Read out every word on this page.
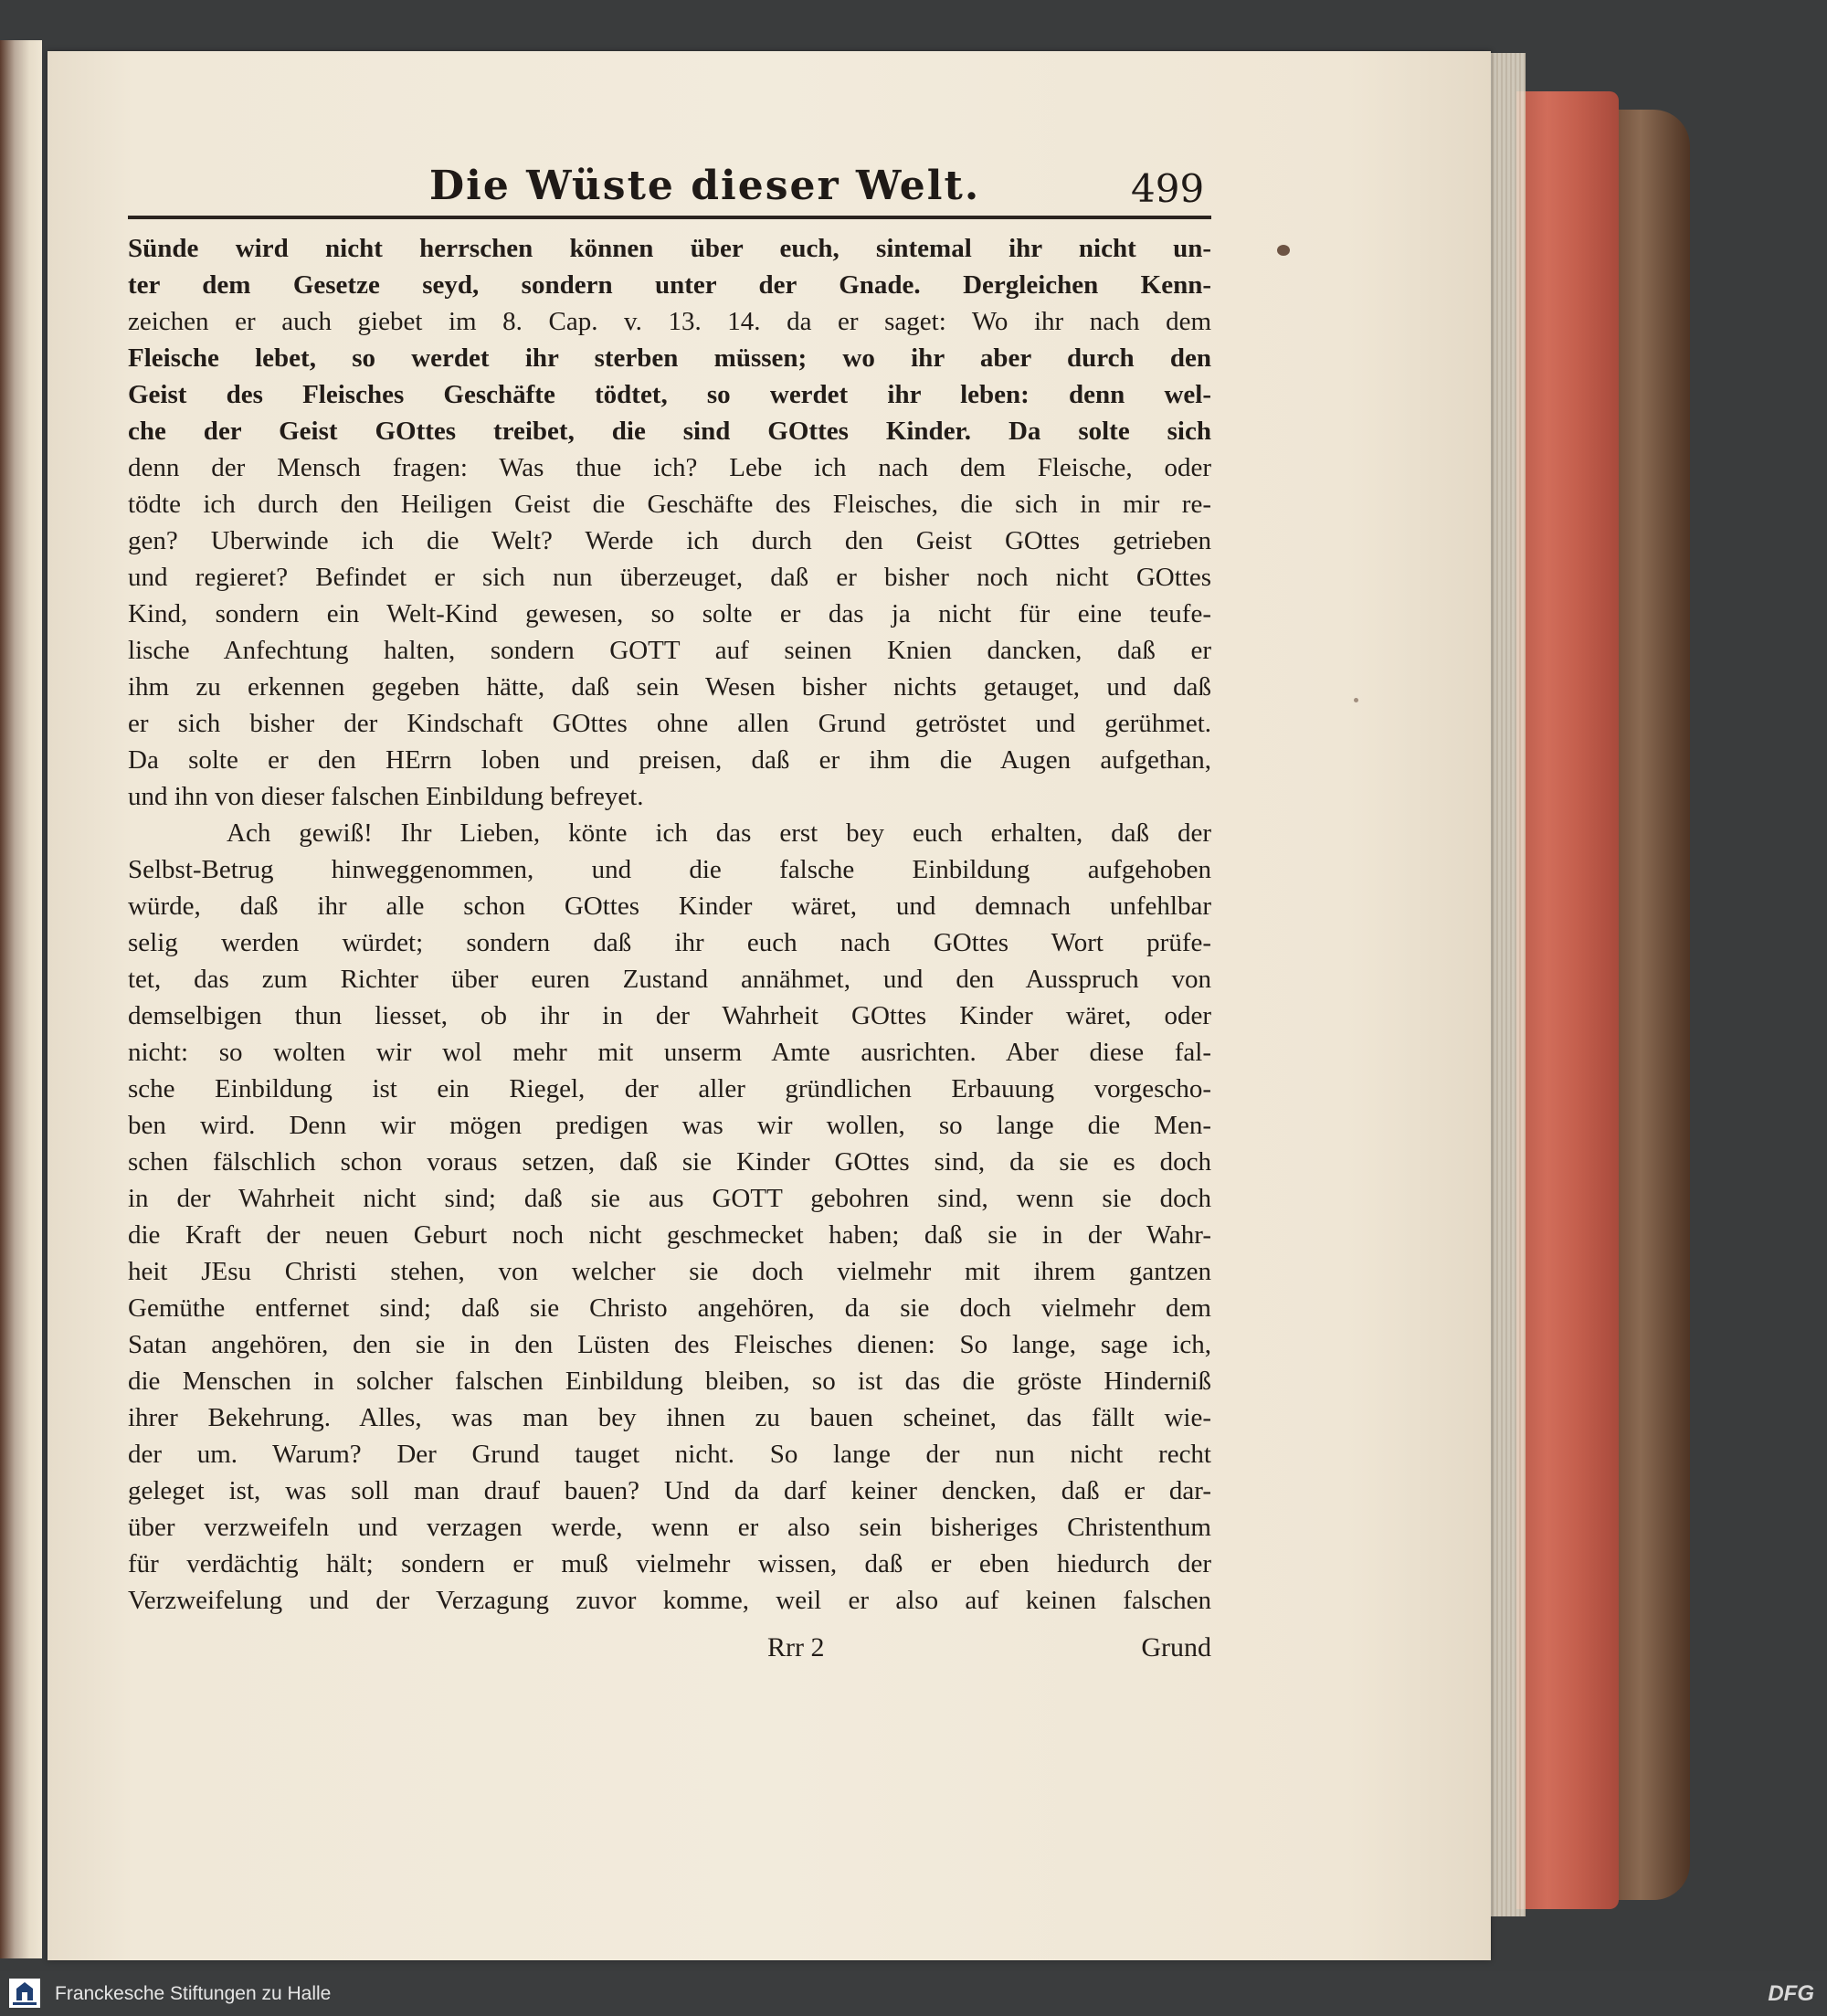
Die Wüste dieser Welt.	499
Sünde wird nicht herrschen können über euch, sintemal ihr nicht un-
ter dem Gesetze seyd, sondern unter der Gnade. Dergleichen Kenn-
zeichen er auch giebet im 8. Cap. v. 13. 14. da er saget: Wo ihr nach dem
Fleische lebet, so werdet ihr sterben müssen; wo ihr aber durch den
Geist des Fleisches Geschäfte tödtet, so werdet ihr leben: denn wel-
che der Geist GOttes treibet, die sind GOttes Kinder. Da solte sich
denn der Mensch fragen: Was thue ich? Lebe ich nach dem Fleische, oder
tödte ich durch den Heiligen Geist die Geschäfte des Fleisches, die sich in mir re-
gen? Uberwinde ich die Welt? Werde ich durch den Geist GOttes getrieben
und regieret? Befindet er sich nun überzeuget, daß er bisher noch nicht GOttes
Kind, sondern ein Welt-Kind gewesen, so solte er das ja nicht für eine teufe-
lische Anfechtung halten, sondern GOTT auf seinen Knien dancken, daß er
ihm zu erkennen gegeben hätte, daß sein Wesen bisher nichts getauget, und daß
er sich bisher der Kindschaft GOttes ohne allen Grund getröstet und gerühmet.
Da solte er den HErrn loben und preisen, daß er ihm die Augen aufgethan,
und ihn von dieser falschen Einbildung befreyet.
Ach gewiß! Ihr Lieben, könte ich das erst bey euch erhalten, daß der
Selbst-Betrug hinweggenommen, und die falsche Einbildung aufgehoben
würde, daß ihr alle schon GOttes Kinder wäret, und demnach unfehlbar
selig werden würdet; sondern daß ihr euch nach GOttes Wort prüfe-
tet, das zum Richter über euren Zustand annähmet, und den Ausspruch von
demselbigen thun liesset, ob ihr in der Wahrheit GOttes Kinder wäret, oder
nicht: so wolten wir wol mehr mit unserm Amte ausrichten. Aber diese fal-
sche Einbildung ist ein Riegel, der aller gründlichen Erbauung vorgescho-
ben wird. Denn wir mögen predigen was wir wollen, so lange die Men-
schen fälschlich schon voraus setzen, daß sie Kinder GOttes sind, da sie es doch
in der Wahrheit nicht sind; daß sie aus GOTT gebohren sind, wenn sie doch
die Kraft der neuen Geburt noch nicht geschmecket haben; daß sie in der Wahr-
heit JEsu Christi stehen, von welcher sie doch vielmehr mit ihrem gantzen
Gemüthe entfernet sind; daß sie Christo angehören, da sie doch vielmehr dem
Satan angehören, den sie in den Lüsten des Fleisches dienen: So lange, sage ich,
die Menschen in solcher falschen Einbildung bleiben, so ist das die gröste Hinderniß
ihrer Bekehrung. Alles, was man bey ihnen zu bauen scheinet, das fällt wie-
der um. Warum? Der Grund tauget nicht. So lange der nun nicht recht
geleget ist, was soll man drauf bauen? Und da darf keiner dencken, daß er dar-
über verzweifeln und verzagen werde, wenn er also sein bisheriges Christenthum
für verdächtig hält; sondern er muß vielmehr wissen, daß er eben hiedurch der
Verzweifelung und der Verzagung zuvor komme, weil er also auf keinen falschen
Rrr 2	Grund
Franckesche Stiftungen zu Halle	DFG
